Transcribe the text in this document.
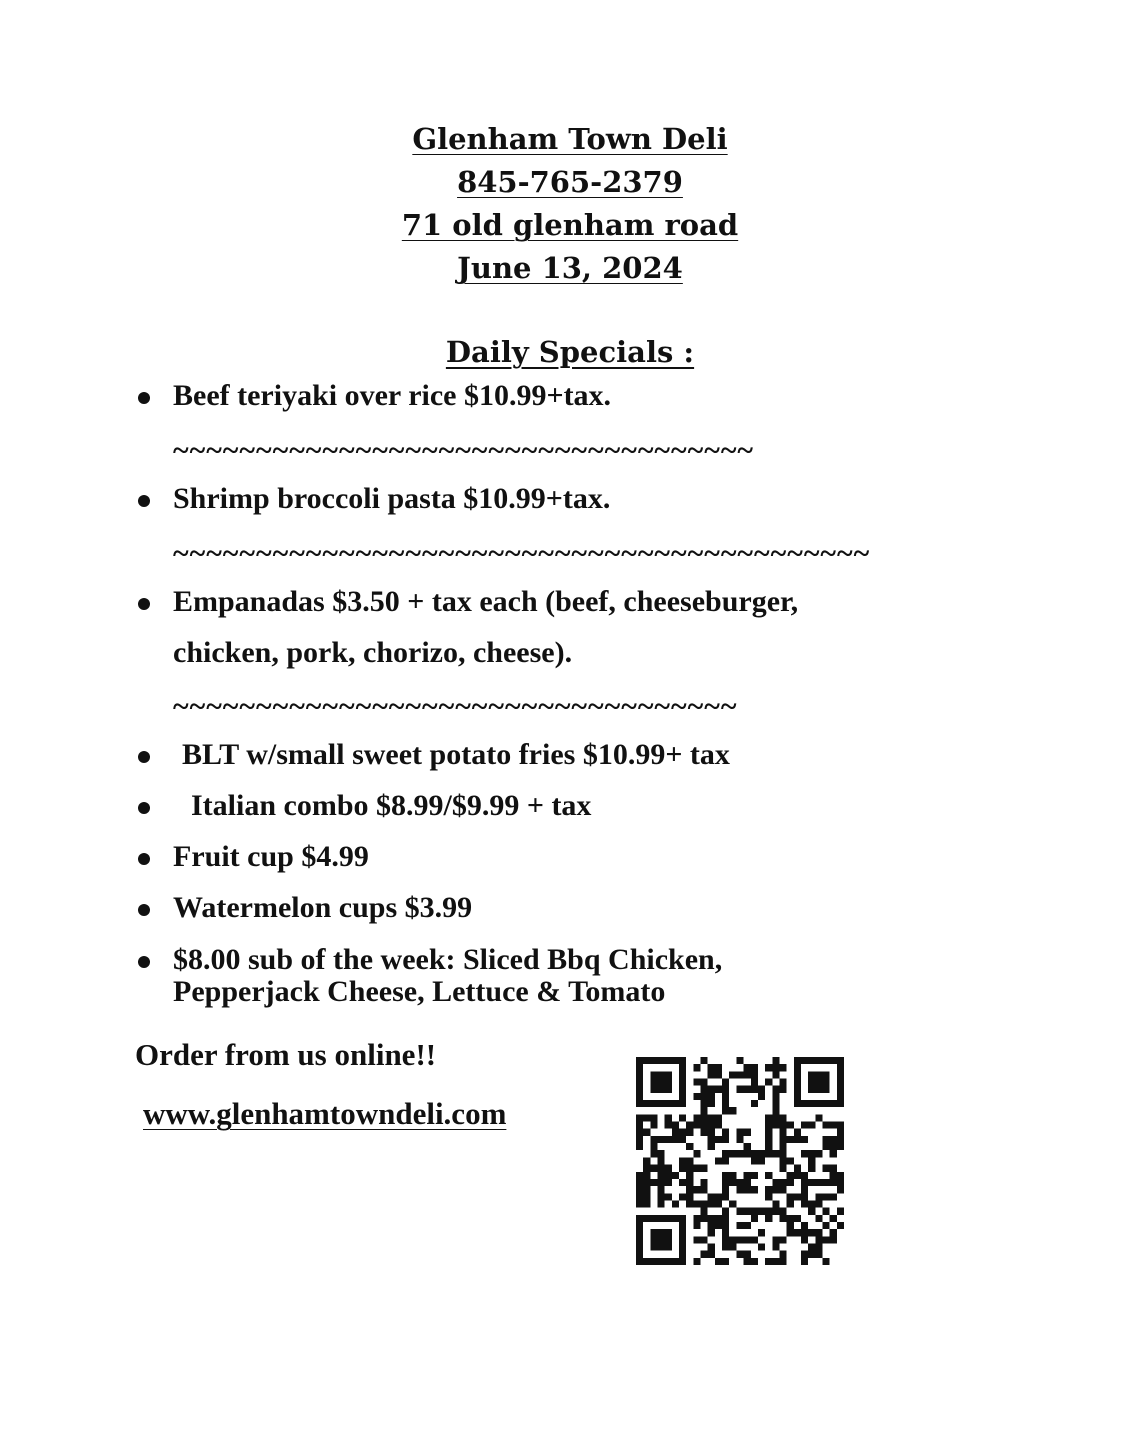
Glenham Town Deli
845-765-2379
71 old glenham road
June 13, 2024
Daily Specials :
Beef teriyaki over rice $10.99+tax.
~~~~~~~~~~~~~~~~~~~~~~~~~~~~~~~~~~~
Shrimp broccoli pasta $10.99+tax.
~~~~~~~~~~~~~~~~~~~~~~~~~~~~~~~~~~~~~~~~~~
Empanadas $3.50 + tax each (beef, cheeseburger,
chicken, pork, chorizo, cheese).
~~~~~~~~~~~~~~~~~~~~~~~~~~~~~~~~~~
BLT w/small sweet potato fries $10.99+ tax
Italian combo $8.99/$9.99 + tax
Fruit cup $4.99
Watermelon cups $3.99
$8.00 sub of the week: Sliced Bbq Chicken,
Pepperjack Cheese, Lettuce & Tomato
Order from us online!!
www.glenhamtowndeli.com
